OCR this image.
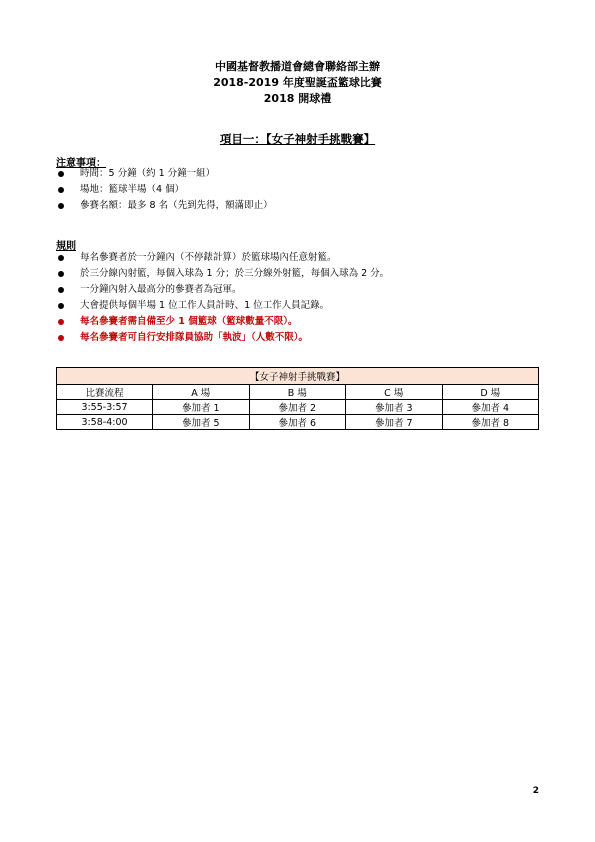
中國基督教播道會總會聯絡部主辦
2018-2019 年度聖誕盃籃球比賽
2018 開球禮
項目一：【女子神射手挑戰賽】
注意事項：
時間：5 分鐘（約 1 分鐘一組）
場地：籃球半場（4 個）
參賽名額：最多 8 名（先到先得，額滿即止）
規則
每名參賽者於一分鐘內（不停錶計算）於籃球場內任意射籃。
於三分線內射籃，每個入球為 1 分；於三分線外射籃，每個入球為 2 分。
一分鐘內射入最高分的參賽者為冠軍。
大會提供每個半場 1 位工作人員計時、1 位工作人員記錄。
每名參賽者需自備至少 1 個籃球（籃球數量不限）。
每名參賽者可自行安排隊員協助「執波」（人數不限）。
【女子神射手挑戰賽】				
比賽流程	A 場	B 場	C 場	D 場
3:55-3:57	參加者 1	參加者 2	參加者 3	參加者 4
3:58-4:00	參加者 5	參加者 6	參加者 7	參加者 8
2
